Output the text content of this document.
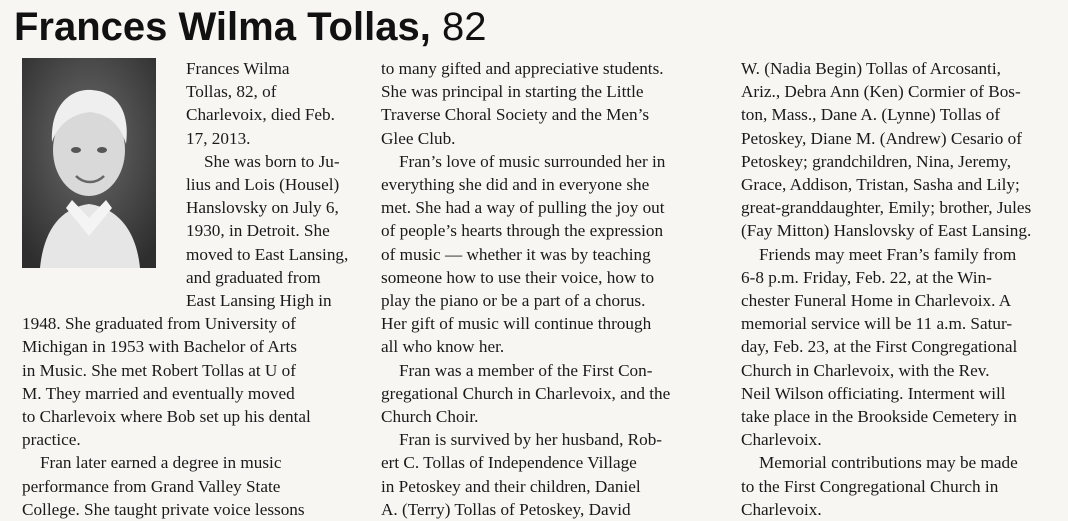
Frances Wilma Tollas, 82
Frances Wilma
Tollas, 82, of
Charlevoix, died Feb.
17, 2013.
She was born to Ju-
lius and Lois (Housel)
Hanslovsky on July 6,
1930, in Detroit. She
moved to East Lansing,
and graduated from
East Lansing High in
1948. She graduated from University of
Michigan in 1953 with Bachelor of Arts
in Music. She met Robert Tollas at U of
M. They married and eventually moved
to Charlevoix where Bob set up his dental
practice.
Fran later earned a degree in music
performance from Grand Valley State
College. She taught private voice lessons
to many gifted and appreciative students.
She was principal in starting the Little
Traverse Choral Society and the Men’s
Glee Club.
Fran’s love of music surrounded her in
everything she did and in everyone she
met. She had a way of pulling the joy out
of people’s hearts through the expression
of music — whether it was by teaching
someone how to use their voice, how to
play the piano or be a part of a chorus.
Her gift of music will continue through
all who know her.
Fran was a member of the First Con-
gregational Church in Charlevoix, and the
Church Choir.
Fran is survived by her husband, Rob-
ert C. Tollas of Independence Village
in Petoskey and their children, Daniel
A. (Terry) Tollas of Petoskey, David
W. (Nadia Begin) Tollas of Arcosanti,
Ariz., Debra Ann (Ken) Cormier of Bos-
ton, Mass., Dane A. (Lynne) Tollas of
Petoskey, Diane M. (Andrew) Cesario of
Petoskey; grandchildren, Nina, Jeremy,
Grace, Addison, Tristan, Sasha and Lily;
great-granddaughter, Emily; brother, Jules
(Fay Mitton) Hanslovsky of East Lansing.
Friends may meet Fran’s family from
6-8 p.m. Friday, Feb. 22, at the Win-
chester Funeral Home in Charlevoix. A
memorial service will be 11 a.m. Satur-
day, Feb. 23, at the First Congregational
Church in Charlevoix, with the Rev.
Neil Wilson officiating. Interment will
take place in the Brookside Cemetery in
Charlevoix.
Memorial contributions may be made
to the First Congregational Church in
Charlevoix.
